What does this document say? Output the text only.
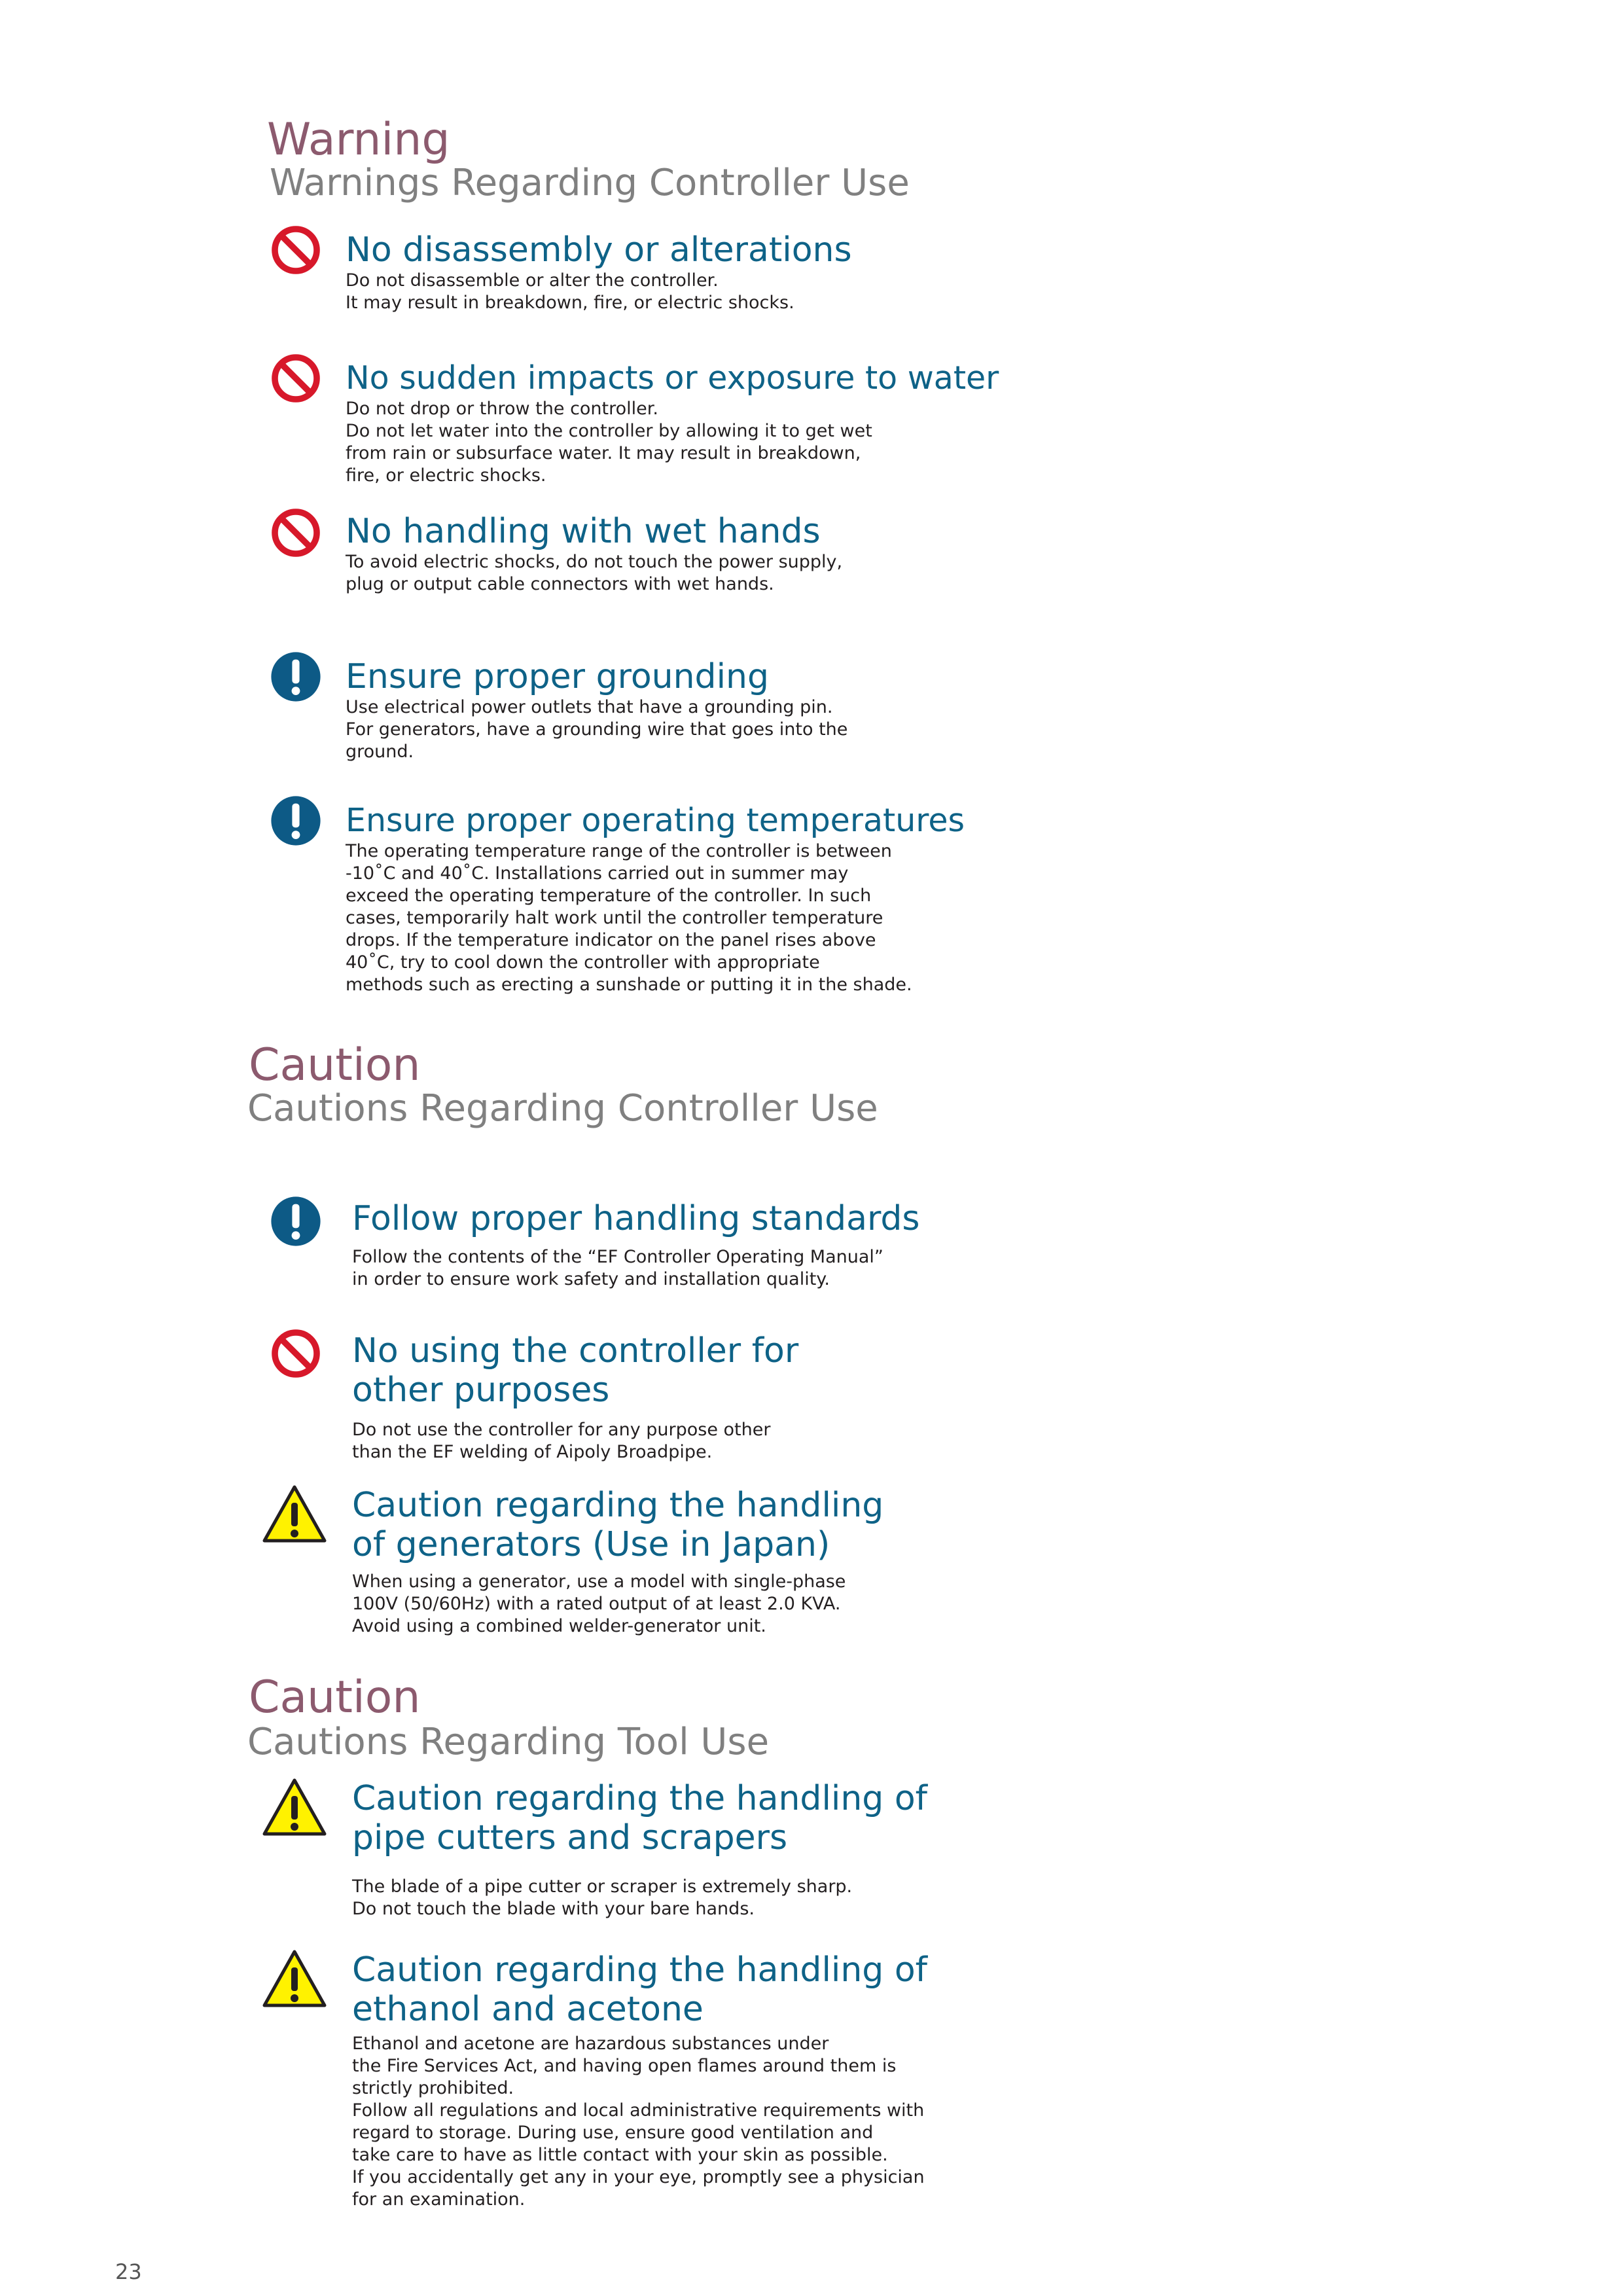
Warning
Warnings Regarding Controller Use
No disassembly or alterations

Do not disassemble or alter the controller.
It may result in breakdown, fire, or electric shocks.

No sudden impacts or exposure to water

Do not drop or throw the controller.
Do not let water into the controller by allowing it to get wet
from rain or subsurface water. It may result in breakdown,
fire, or electric shocks.

No handling with wet hands

To avoid electric shocks, do not touch the power supply,
plug or output cable connectors with wet hands.

Ensure proper grounding

Use electrical power outlets that have a grounding pin.
For generators, have a grounding wire that goes into the
ground.

Ensure proper operating temperatures

The operating temperature range of the controller is between
-10˚C and 40˚C. Installations carried out in summer may
exceed the operating temperature of the controller. In such
cases, temporarily halt work until the controller temperature
drops. If the temperature indicator on the panel rises above
40˚C, try to cool down the controller with appropriate
methods such as erecting a sunshade or putting it in the shade.

Caution
Cautions Regarding Controller Use
Follow proper handling standards

Follow the contents of the “EF Controller Operating Manual”
in order to ensure work safety and installation quality.

No using the controller for
other purposes

Do not use the controller for any purpose other
than the EF welding of Aipoly Broadpipe.

Caution regarding the handling
of generators (Use in Japan)

When using a generator, use a model with single-phase
100V (50/60Hz) with a rated output of at least 2.0 KVA.
Avoid using a combined welder-generator unit.

Caution
Cautions Regarding Tool Use
Caution regarding the handling of
pipe cutters and scrapers

The blade of a pipe cutter or scraper is extremely sharp.
Do not touch the blade with your bare hands.

Caution regarding the handling of
ethanol and acetone

Ethanol and acetone are hazardous substances under
the Fire Services Act, and having open flames around them is
strictly prohibited.
Follow all regulations and local administrative requirements with
regard to storage. During use, ensure good ventilation and
take care to have as little contact with your skin as possible.
If you accidentally get any in your eye, promptly see a physician
for an examination.

23
